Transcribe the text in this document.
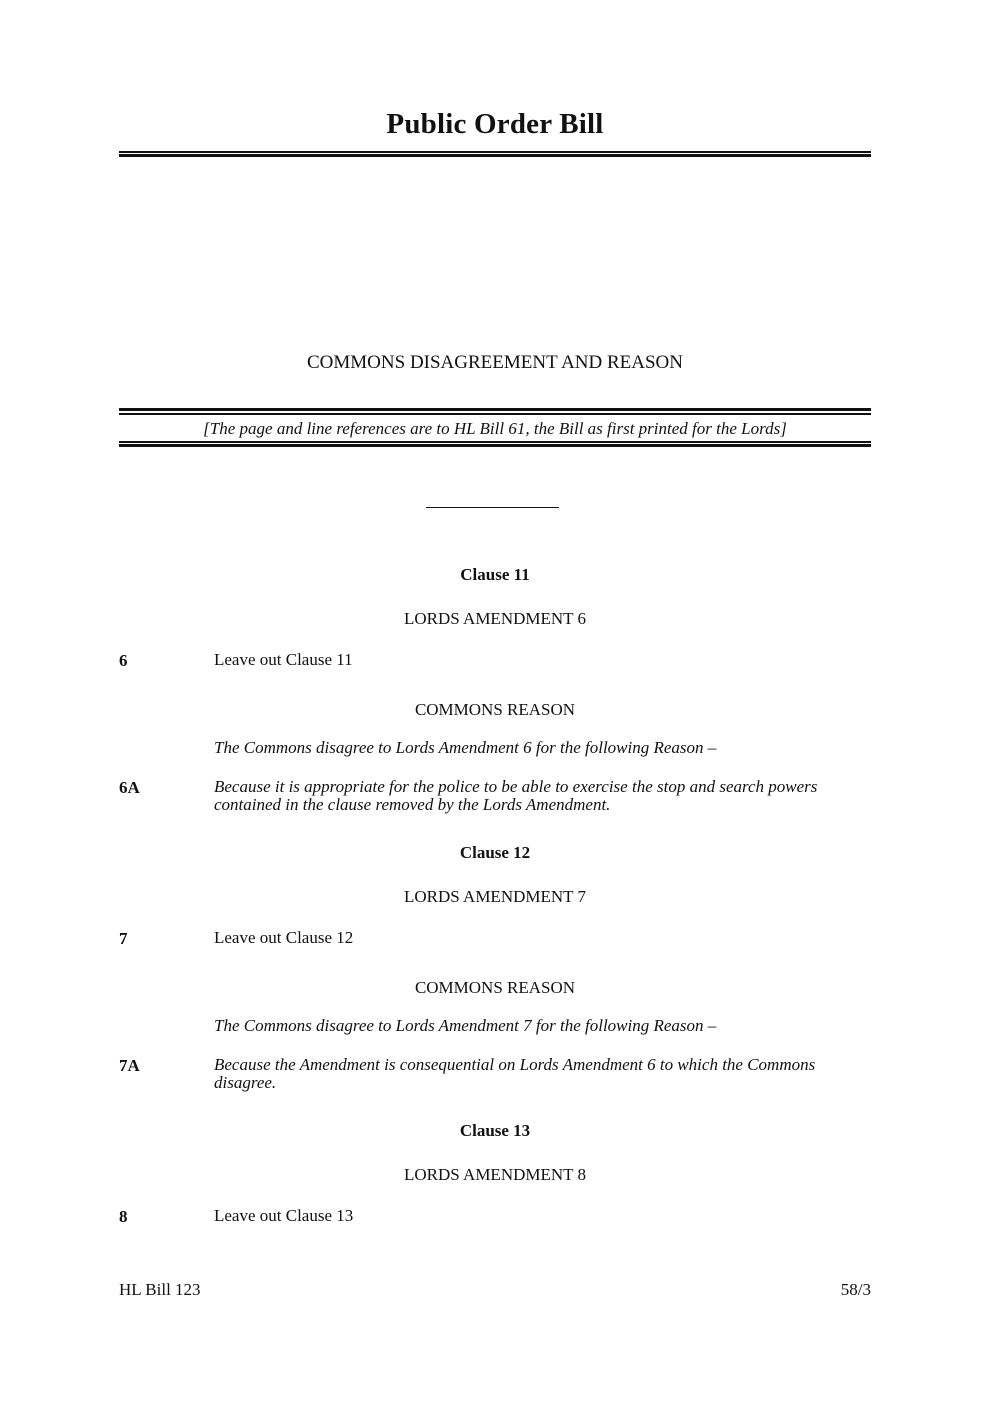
Public Order Bill
COMMONS DISAGREEMENT AND REASON
[The page and line references are to HL Bill 61, the Bill as first printed for the Lords]
Clause 11
LORDS AMENDMENT 6
6	Leave out Clause 11
COMMONS REASON
The Commons disagree to Lords Amendment 6 for the following Reason –
6A	Because it is appropriate for the police to be able to exercise the stop and search powers contained in the clause removed by the Lords Amendment.
Clause 12
LORDS AMENDMENT 7
7	Leave out Clause 12
COMMONS REASON
The Commons disagree to Lords Amendment 7 for the following Reason –
7A	Because the Amendment is consequential on Lords Amendment 6 to which the Commons disagree.
Clause 13
LORDS AMENDMENT 8
8	Leave out Clause 13
HL Bill 123	58/3
